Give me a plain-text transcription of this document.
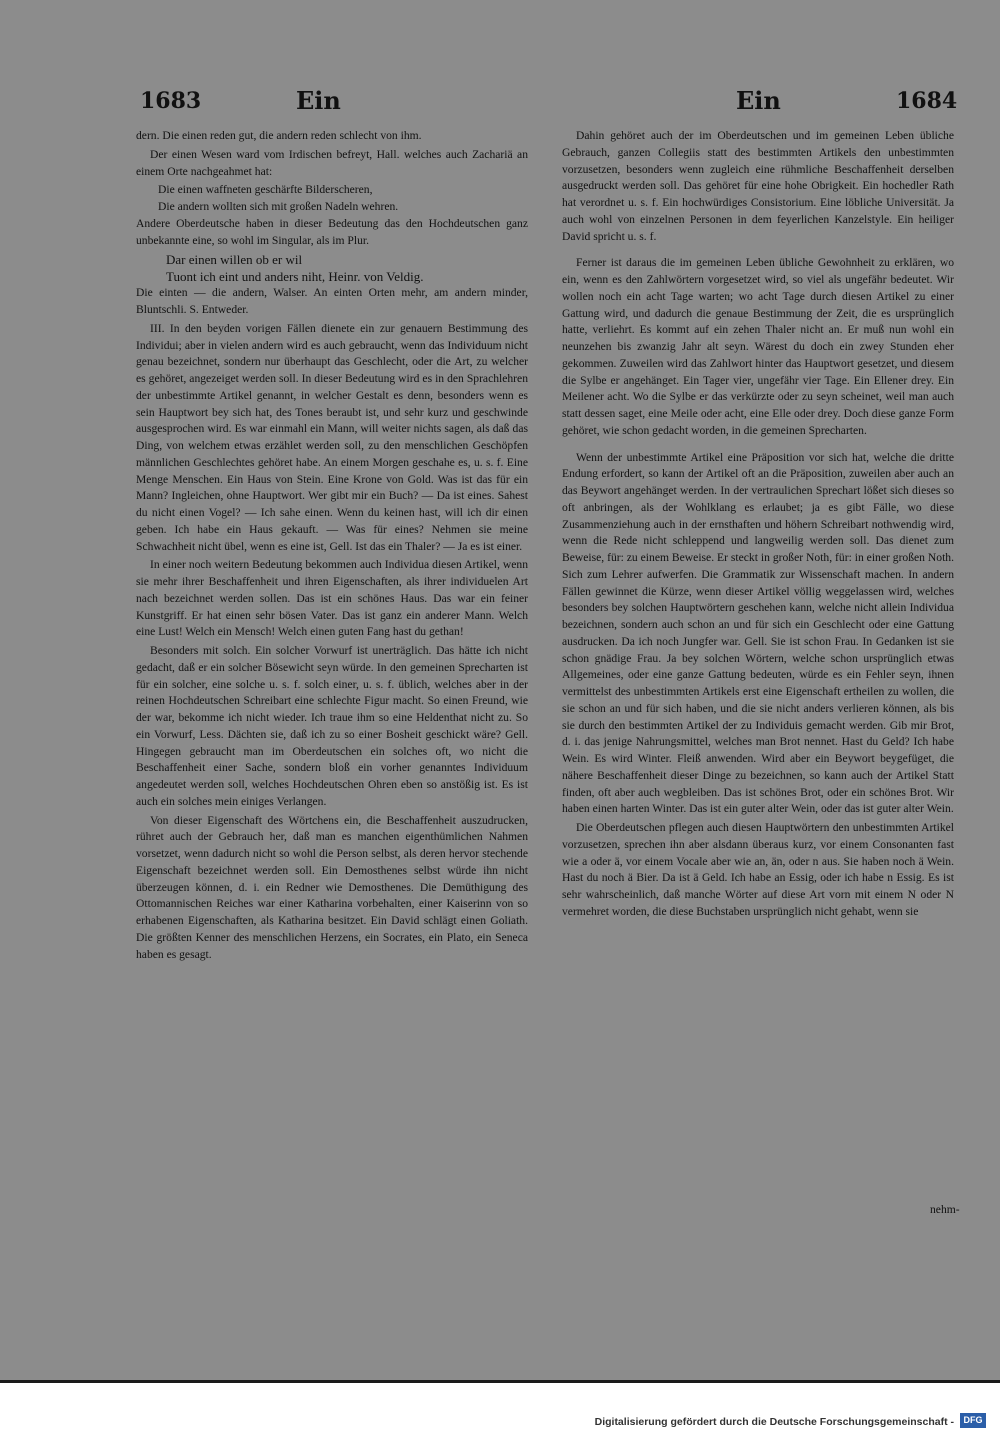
1683	Ein	Ein	1684

dern. Die einen reden gut, die andern reden schlecht von ihm.

Der einen Wesen ward vom Irdischen befreyt, Hall. welches auch Zachariä an einem Orte nachgeahmet hat:

Die einen waffneten geschärfte Bilderscheren,

Die andern wollten sich mit großen Nadeln wehren.

Andere Oberdeutsche haben in dieser Bedeutung das den Hochdeutschen ganz unbekannte eine, so wohl im Singular, als im Plur.

Dar einen willen ob er wil

Tuont ich eint und anders niht, Heinr. von Veldig.

Die einten — die andern, Walser. An einten Orten mehr, am andern minder, Bluntschli. S. Entweder.

III. In den beyden vorigen Fällen dienete ein zur genauern Bestimmung des Individui; aber in vielen andern wird es auch gebraucht, wenn das Individuum nicht genau bezeichnet, sondern nur überhaupt das Geschlecht, oder die Art, zu welcher es gehöret, angezeiget werden soll. In dieser Bedeutung wird es in den Sprachlehren der unbestimmte Artikel genannt, in welcher Gestalt es denn, besonders wenn es sein Hauptwort bey sich hat, des Tones beraubt ist, und sehr kurz und geschwinde ausgesprochen wird. Es war einmahl ein Mann, will weiter nichts sagen, als daß das Ding, von welchem etwas erzählet werden soll, zu den menschlichen Geschöpfen männlichen Geschlechtes gehöret habe. An einem Morgen geschahe es, u. s. f. Eine Menge Menschen. Ein Haus von Stein. Eine Krone von Gold. Was ist das für ein Mann? Ingleichen, ohne Hauptwort. Wer gibt mir ein Buch? — Da ist eines. Sahest du nicht einen Vogel? — Ich sahe einen. Wenn du keinen hast, will ich dir einen geben. Ich habe ein Haus gekauft. — Was für eines? Nehmen sie meine Schwachheit nicht übel, wenn es eine ist, Gell. Ist das ein Thaler? — Ja es ist einer.

In einer noch weitern Bedeutung bekommen auch Individua diesen Artikel, wenn sie mehr ihrer Beschaffenheit und ihren Eigenschaften, als ihrer individuelen Art nach bezeichnet werden sollen. Das ist ein schönes Haus. Das war ein feiner Kunstgriff. Er hat einen sehr bösen Vater. Das ist ganz ein anderer Mann. Welch eine Lust! Welch ein Mensch! Welch einen guten Fang hast du gethan!

Besonders mit solch. Ein solcher Vorwurf ist unerträglich. Das hätte ich nicht gedacht, daß er ein solcher Bösewicht seyn würde. In den gemeinen Sprecharten ist für ein solcher, eine solche u. s. f. solch einer, u. s. f. üblich, welches aber in der reinen Hochdeutschen Schreibart eine schlechte Figur macht. So einen Freund, wie der war, bekomme ich nicht wieder. Ich traue ihm so eine Heldenthat nicht zu. So ein Vorwurf, Less. Dächten sie, daß ich zu so einer Bosheit geschickt wäre? Gell. Hingegen gebraucht man im Oberdeutschen ein solches oft, wo nicht die Beschaffenheit einer Sache, sondern bloß ein vorher genanntes Individuum angedeutet werden soll, welches Hochdeutschen Ohren eben so anstößig ist. Es ist auch ein solches mein einiges Verlangen.

Von dieser Eigenschaft des Wörtchens ein, die Beschaffenheit auszudrucken, rühret auch der Gebrauch her, daß man es manchen eigenthümlichen Nahmen vorsetzet, wenn dadurch nicht so wohl die Person selbst, als deren hervor stechende Eigenschaft bezeichnet werden soll. Ein Demosthenes selbst würde ihn nicht überzeugen können, d. i. ein Redner wie Demosthenes. Die Demüthigung des Ottomannischen Reiches war einer Katharina vorbehalten, einer Kaiserinn von so erhabenen Eigenschaften, als Katharina besitzet. Ein David schlägt einen Goliath. Die größten Kenner des menschlichen Herzens, ein Socrates, ein Plato, ein Seneca haben es gesagt.

Dahin gehöret auch der im Oberdeutschen und im gemeinen Leben übliche Gebrauch, ganzen Collegiis statt des bestimmten Artikels den unbestimmten vorzusetzen, besonders wenn zugleich eine rühmliche Beschaffenheit derselben ausgedruckt werden soll. Das gehöret für eine hohe Obrigkeit. Ein hochedler Rath hat verordnet u. s. f. Ein hochwürdiges Consistorium. Eine löbliche Universität. Ja auch wohl von einzelnen Personen in dem feyerlichen Kanzelstyle. Ein heiliger David spricht u. s. f.

Ferner ist daraus die im gemeinen Leben übliche Gewohnheit zu erklären, wo ein, wenn es den Zahlwörtern vorgesetzet wird, so viel als ungefähr bedeutet. Wir wollen noch ein acht Tage warten; wo acht Tage durch diesen Artikel zu einer Gattung wird, und dadurch die genaue Bestimmung der Zeit, die es ursprünglich hatte, verliehrt. Es kommt auf ein zehen Thaler nicht an. Er muß nun wohl ein neunzehen bis zwanzig Jahr alt seyn. Wärest du doch ein zwey Stunden eher gekommen. Zuweilen wird das Zahlwort hinter das Hauptwort gesetzet, und diesem die Sylbe er angehänget. Ein Tager vier, ungefähr vier Tage. Ein Ellener drey. Ein Meilener acht. Wo die Sylbe er das verkürzte oder zu seyn scheinet, weil man auch statt dessen saget, eine Meile oder acht, eine Elle oder drey. Doch diese ganze Form gehöret, wie schon gedacht worden, in die gemeinen Sprecharten.

Wenn der unbestimmte Artikel eine Präposition vor sich hat, welche die dritte Endung erfordert, so kann der Artikel oft an die Präposition, zuweilen aber auch an das Beywort angehänget werden. In der vertraulichen Sprechart lößet sich dieses so oft anbringen, als der Wohlklang es erlaubet; ja es gibt Fälle, wo diese Zusammenziehung auch in der ernsthaften und höhern Schreibart nothwendig wird, wenn die Rede nicht schleppend und langweilig werden soll. Das dienet zum Beweise, für: zu einem Beweise. Er steckt in großer Noth, für: in einer großen Noth. Sich zum Lehrer aufwerfen. Die Grammatik zur Wissenschaft machen. In andern Fällen gewinnet die Kürze, wenn dieser Artikel völlig weggelassen wird, welches besonders bey solchen Hauptwörtern geschehen kann, welche nicht allein Individua bezeichnen, sondern auch schon an und für sich ein Geschlecht oder eine Gattung ausdrucken. Da ich noch Jungfer war. Gell. Sie ist schon Frau. In Gedanken ist sie schon gnädige Frau. Ja bey solchen Wörtern, welche schon ursprünglich etwas Allgemeines, oder eine ganze Gattung bedeuten, würde es ein Fehler seyn, ihnen vermittelst des unbestimmten Artikels erst eine Eigenschaft ertheilen zu wollen, die sie schon an und für sich haben, und die sie nicht anders verlieren können, als bis sie durch den bestimmten Artikel der zu Individuis gemacht werden. Gib mir Brot, d. i. das jenige Nahrungsmittel, welches man Brot nennet. Hast du Geld? Ich habe Wein. Es wird Winter. Fleiß anwenden. Wird aber ein Beywort beygefüget, die nähere Beschaffenheit dieser Dinge zu bezeichnen, so kann auch der Artikel Statt finden, oft aber auch wegbleiben. Das ist schönes Brot, oder ein schönes Brot. Wir haben einen harten Winter. Das ist ein guter alter Wein, oder das ist guter alter Wein.

Die Oberdeutschen pflegen auch diesen Hauptwörtern den unbestimmten Artikel vorzusetzen, sprechen ihn aber alsdann überaus kurz, vor einem Consonanten fast wie a oder ä, vor einem Vocale aber wie an, än, oder n aus. Sie haben noch ä Wein. Hast du noch ä Bier. Da ist ä Geld. Ich habe an Essig, oder ich habe n Essig. Es ist sehr wahrscheinlich, daß manche Wörter auf diese Art vorn mit einem N oder N vermehret worden, die diese Buchstaben ursprünglich nicht gehabt, wenn sie

nehm-
Digitalisierung gefördert durch die Deutsche Forschungsgemeinschaft -	DFG
